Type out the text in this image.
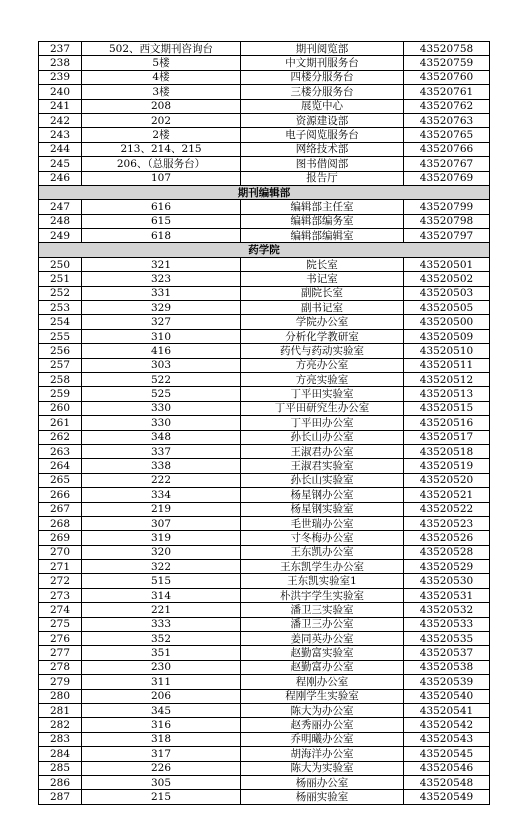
237	502、西文期刊咨询台	期刊阅览部	43520758
238	5楼	中文期刊服务台	43520759
239	4楼	四楼分服务台	43520760
240	3楼	三楼分服务台	43520761
241	208	展览中心	43520762
242	202	资源建设部	43520763
243	2楼	电子阅览服务台	43520765
244	213、214、215	网络技术部	43520766
245	206、（总服务台）	图书借阅部	43520767
246	107	报告厅	43520769
期刊编辑部			
247	616	编辑部主任室	43520799
248	615	编辑部编务室	43520798
249	618	编辑部编辑室	43520797
药学院			
250	321	院长室	43520501
251	323	书记室	43520502
252	331	副院长室	43520503
253	329	副书记室	43520505
254	327	学院办公室	43520500
255	310	分析化学教研室	43520509
256	416	药代与药动实验室	43520510
257	303	方亮办公室	43520511
258	522	方亮实验室	43520512
259	525	丁平田实验室	43520513
260	330	丁平田研究生办公室	43520515
261	330	丁平田办公室	43520516
262	348	孙长山办公室	43520517
263	337	王淑君办公室	43520518
264	338	王淑君实验室	43520519
265	222	孙长山实验室	43520520
266	334	杨星钢办公室	43520521
267	219	杨星钢实验室	43520522
268	307	毛世瑞办公室	43520523
269	319	寸冬梅办公室	43520526
270	320	王东凯办公室	43520528
271	322	王东凯学生办公室	43520529
272	515	王东凯实验室1	43520530
273	314	朴洪宇学生实验室	43520531
274	221	潘卫三实验室	43520532
275	333	潘卫三办公室	43520533
276	352	姜同英办公室	43520535
277	351	赵勤富实验室	43520537
278	230	赵勤富办公室	43520538
279	311	程刚办公室	43520539
280	206	程刚学生实验室	43520540
281	345	陈大为办公室	43520541
282	316	赵秀丽办公室	43520542
283	318	乔明曦办公室	43520543
284	317	胡海洋办公室	43520545
285	226	陈大为实验室	43520546
286	305	杨丽办公室	43520548
287	215	杨丽实验室	43520549
